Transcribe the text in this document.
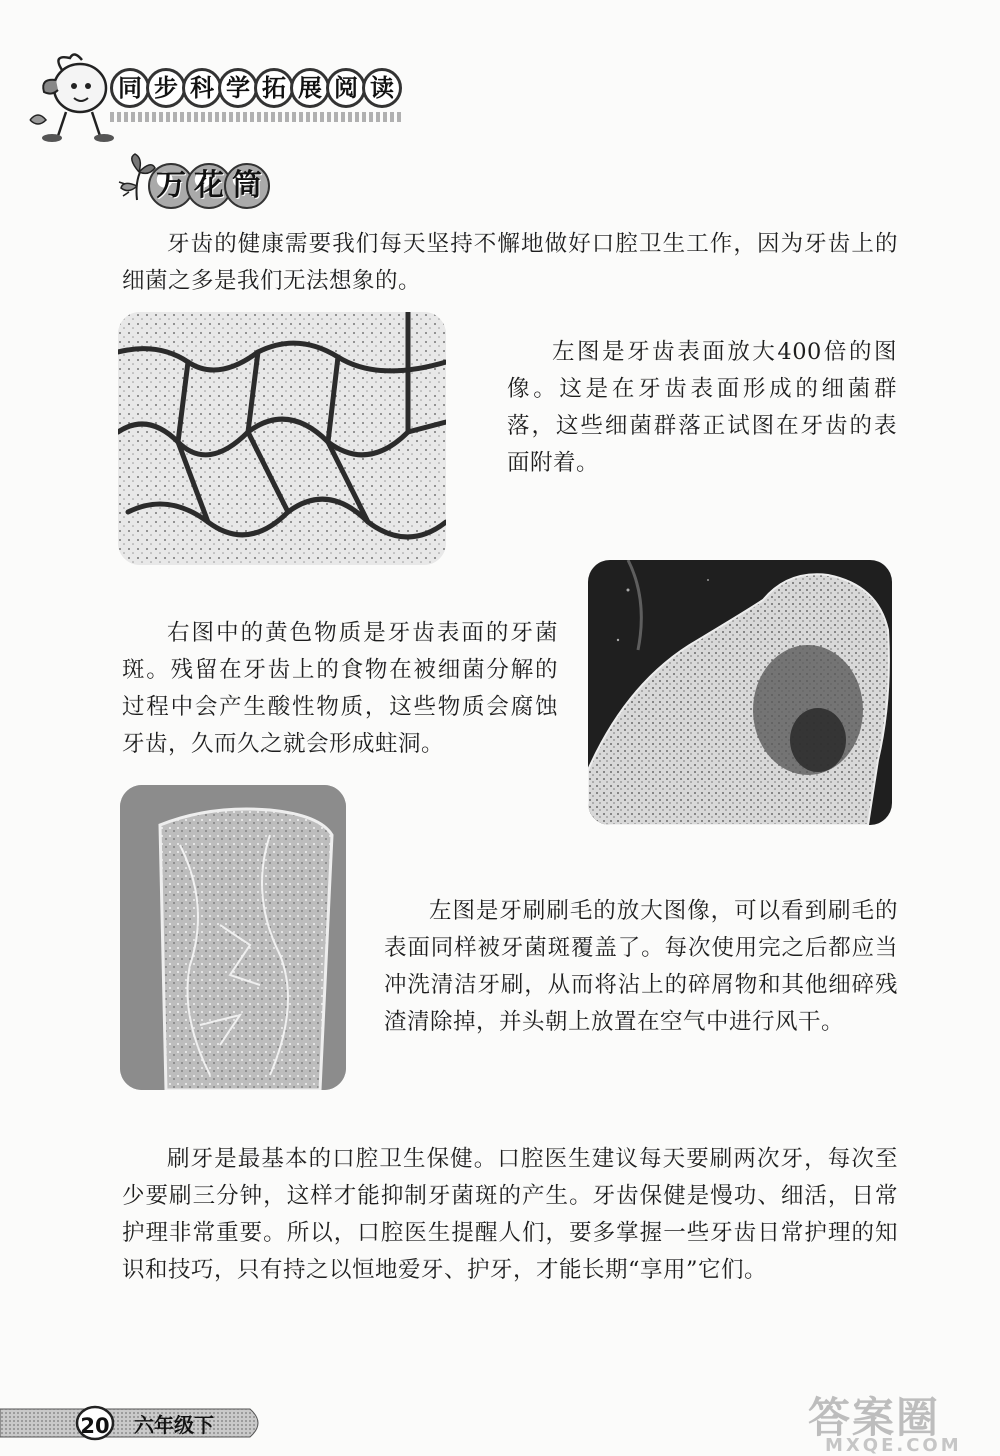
同 步 科 学 拓 展 阅 读
万 花 筒

牙齿的健康需要我们每天坚持不懈地做好口腔卫生工作，因为牙齿上的细菌之多是我们无法想象的。

左图是牙齿表面放大400倍的图像。这是在牙齿表面形成的细菌群落，这些细菌群落正试图在牙齿的表面附着。

右图中的黄色物质是牙齿表面的牙菌斑。残留在牙齿上的食物在被细菌分解的过程中会产生酸性物质，这些物质会腐蚀牙齿，久而久之就会形成蛀洞。

左图是牙刷刷毛的放大图像，可以看到刷毛的表面同样被牙菌斑覆盖了。每次使用完之后都应当冲洗清洁牙刷，从而将沾上的碎屑物和其他细碎残渣清除掉，并头朝上放置在空气中进行风干。

刷牙是最基本的口腔卫生保健。口腔医生建议每天要刷两次牙，每次至少要刷三分钟，这样才能抑制牙菌斑的产生。牙齿保健是慢功、细活，日常护理非常重要。所以，口腔医生提醒人们，要多掌握一些牙齿日常护理的知识和技巧，只有持之以恒地爱牙、护牙，才能长期“享用”它们。

20 六年级下	答案圈
MXQE.COM
